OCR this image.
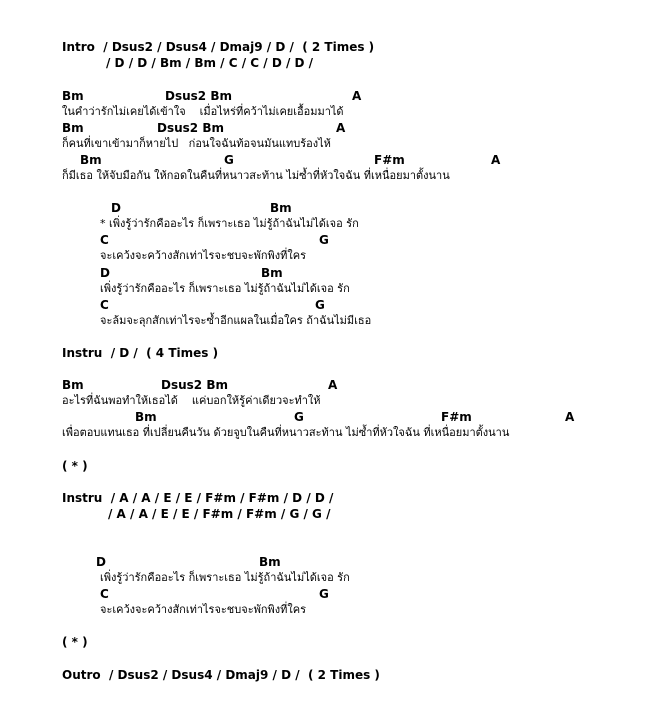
Intro  / Dsus2 / Dsus4 / Dmaj9 / D /  ( 2 Times )
/ D / D / Bm / Bm / C / C / D / D /
Bm	Dsus2 Bm	A
ในคำว่ารักไม่เคยได้เข้าใจ    เมื่อไหร่ที่คว้าไม่เคยเอื้อมมาได้
Bm	Dsus2 Bm	A
ก็คนที่เขาเข้ามาก็หายไป   ก่อนใจฉันท้อจนมันแทบร้องไห้
Bm	G	F#m	A
ก็มีเธอ ให้จับมือกัน ให้กอดในคืนที่หนาวสะท้าน ไม่ซ้ำที่หัวใจฉัน ที่เหนื่อยมาตั้งนาน
D	Bm
* เพิ่งรู้ว่ารักคืออะไร ก็เพราะเธอ ไม่รู้ถ้าฉันไม่ได้เจอ รัก
C	G
จะเคว้งจะคว้างสักเท่าไรจะชบจะพักพิงที่ใคร
D	Bm
เพิ่งรู้ว่ารักคืออะไร ก็เพราะเธอ ไม่รู้ถ้าฉันไม่ได้เจอ รัก
C	G
จะล้มจะลุกสักเท่าไรจะซ้ำอีกแผลในเมื่อใคร ถ้าฉันไม่มีเธอ
Instru  / D /  ( 4 Times )
Bm	Dsus2 Bm	A
อะไรที่ฉันพอทำให้เธอได้    แค่บอกให้รู้ค่าเดียวจะทำให้
Bm	G	F#m	A
เพื่อตอบแทนเธอ ที่เปลี่ยนคืนวัน ด้วยจูบในคืนที่หนาวสะท้าน ไม่ซ้ำที่หัวใจฉัน ที่เหนื่อยมาตั้งนาน
( * )
Instru  / A / A / E / E / F#m / F#m / D / D /
/ A / A / E / E / F#m / F#m / G / G /
D	Bm
เพิ่งรู้ว่ารักคืออะไร ก็เพราะเธอ ไม่รู้ถ้าฉันไม่ได้เจอ รัก
C	G
จะเคว้งจะคว้างสักเท่าไรจะชบจะพักพิงที่ใคร
( * )
Outro  / Dsus2 / Dsus4 / Dmaj9 / D /  ( 2 Times )
